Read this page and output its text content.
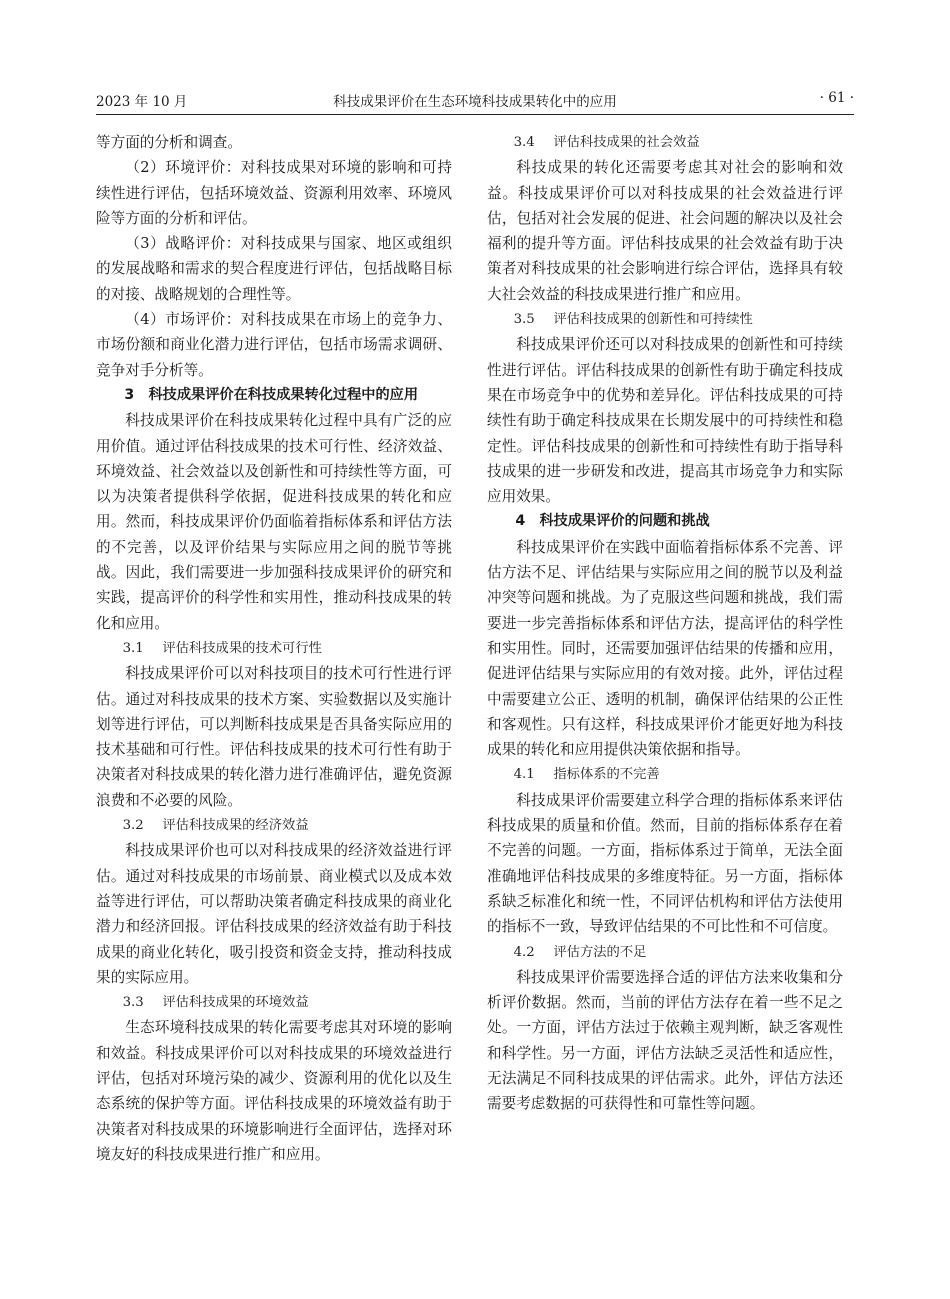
2023 年 10 月	科技成果评价在生态环境科技成果转化中的应用	· 61 ·

等方面的分析和调查。

（2）环境评价：对科技成果对环境的影响和可持续性进行评估，包括环境效益、资源利用效率、环境风险等方面的分析和评估。

（3）战略评价：对科技成果与国家、地区或组织的发展战略和需求的契合程度进行评估，包括战略目标的对接、战略规划的合理性等。

（4）市场评价：对科技成果在市场上的竞争力、市场份额和商业化潜力进行评估，包括市场需求调研、竞争对手分析等。

3　科技成果评价在科技成果转化过程中的应用

科技成果评价在科技成果转化过程中具有广泛的应用价值。通过评估科技成果的技术可行性、经济效益、环境效益、社会效益以及创新性和可持续性等方面，可以为决策者提供科学依据，促进科技成果的转化和应用。然而，科技成果评价仍面临着指标体系和评估方法的不完善，以及评价结果与实际应用之间的脱节等挑战。因此，我们需要进一步加强科技成果评价的研究和实践，提高评价的科学性和实用性，推动科技成果的转化和应用。

3.1 评估科技成果的技术可行性

科技成果评价可以对科技项目的技术可行性进行评估。通过对科技成果的技术方案、实验数据以及实施计划等进行评估，可以判断科技成果是否具备实际应用的技术基础和可行性。评估科技成果的技术可行性有助于决策者对科技成果的转化潜力进行准确评估，避免资源浪费和不必要的风险。

3.2 评估科技成果的经济效益

科技成果评价也可以对科技成果的经济效益进行评估。通过对科技成果的市场前景、商业模式以及成本效益等进行评估，可以帮助决策者确定科技成果的商业化潜力和经济回报。评估科技成果的经济效益有助于科技成果的商业化转化，吸引投资和资金支持，推动科技成果的实际应用。

3.3 评估科技成果的环境效益

生态环境科技成果的转化需要考虑其对环境的影响和效益。科技成果评价可以对科技成果的环境效益进行评估，包括对环境污染的减少、资源利用的优化以及生态系统的保护等方面。评估科技成果的环境效益有助于决策者对科技成果的环境影响进行全面评估，选择对环境友好的科技成果进行推广和应用。

3.4 评估科技成果的社会效益

科技成果的转化还需要考虑其对社会的影响和效益。科技成果评价可以对科技成果的社会效益进行评估，包括对社会发展的促进、社会问题的解决以及社会福利的提升等方面。评估科技成果的社会效益有助于决策者对科技成果的社会影响进行综合评估，选择具有较大社会效益的科技成果进行推广和应用。

3.5 评估科技成果的创新性和可持续性

科技成果评价还可以对科技成果的创新性和可持续性进行评估。评估科技成果的创新性有助于确定科技成果在市场竞争中的优势和差异化。评估科技成果的可持续性有助于确定科技成果在长期发展中的可持续性和稳定性。评估科技成果的创新性和可持续性有助于指导科技成果的进一步研发和改进，提高其市场竞争力和实际应用效果。

4　科技成果评价的问题和挑战

科技成果评价在实践中面临着指标体系不完善、评估方法不足、评估结果与实际应用之间的脱节以及利益冲突等问题和挑战。为了克服这些问题和挑战，我们需要进一步完善指标体系和评估方法，提高评估的科学性和实用性。同时，还需要加强评估结果的传播和应用，促进评估结果与实际应用的有效对接。此外，评估过程中需要建立公正、透明的机制，确保评估结果的公正性和客观性。只有这样，科技成果评价才能更好地为科技成果的转化和应用提供决策依据和指导。

4.1 指标体系的不完善

科技成果评价需要建立科学合理的指标体系来评估科技成果的质量和价值。然而，目前的指标体系存在着不完善的问题。一方面，指标体系过于简单，无法全面准确地评估科技成果的多维度特征。另一方面，指标体系缺乏标准化和统一性，不同评估机构和评估方法使用的指标不一致，导致评估结果的不可比性和不可信度。

4.2 评估方法的不足

科技成果评价需要选择合适的评估方法来收集和分析评价数据。然而，当前的评估方法存在着一些不足之处。一方面，评估方法过于依赖主观判断，缺乏客观性和科学性。另一方面，评估方法缺乏灵活性和适应性，无法满足不同科技成果的评估需求。此外，评估方法还需要考虑数据的可获得性和可靠性等问题。
